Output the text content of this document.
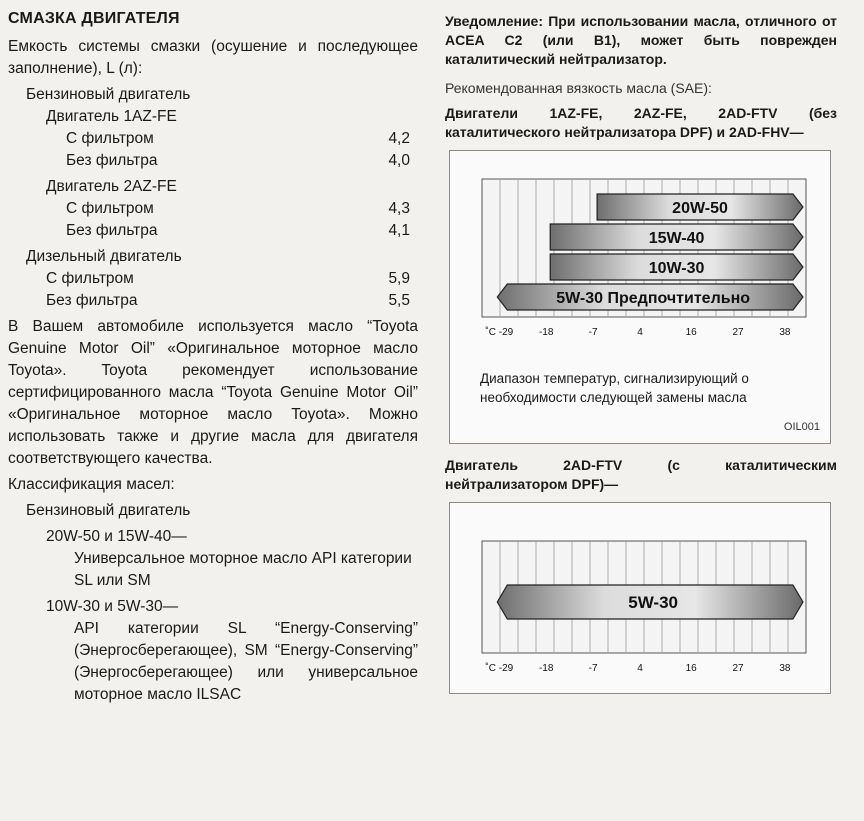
СМАЗКА ДВИГАТЕЛЯ

Емкость системы смазки (осушение и последующее заполнение), L (л):

Бензиновый двигатель
Двигатель 1AZ-FE
С фильтром	4,2
Без фильтра	4,0
Двигатель 2AZ-FE
С фильтром	4,3
Без фильтра	4,1
Дизельный двигатель
С фильтром	5,9
Без фильтра	5,5

В Вашем автомобиле используется масло “Toyota Genuine Motor Oil” «Оригинальное моторное масло Toyota». Toyota рекомендует использование сертифицированного масла “Toyota Genuine Motor Oil” «Оригинальное моторное масло Toyota». Можно использовать также и другие масла для двигателя соответствующего качества.

Классификация масел:
Бензиновый двигатель
20W-50 и 15W-40—
Универсальное моторное масло API категории SL или SM
10W-30 и 5W-30—
API категории SL “Energy-Conserving” (Энергосберегающее), SM “Energy-Conserving” (Энергосберегающее) или универсальное моторное масло ILSAC

Уведомление: При использовании масла, отличного от ACEA C2 (или B1), может быть поврежден каталитический нейтрализатор.

Рекомендованная вязкость масла (SAE):

Двигатели 1AZ-FE, 2AZ-FE, 2AD-FTV (без каталитического нейтрализатора DPF) и 2AD-FHV—

20W-50
15W-40
10W-30
5W-30 Предпочтительно
˚C -29	-18	-7	4	16	27	38
Диапазон температур, сигнализирующий о необходимости следующей замены масла
OIL001

Двигатель 2AD-FTV (с каталитическим нейтрализатором DPF)—

5W-30
˚C -29	-18	-7	4	16	27	38
